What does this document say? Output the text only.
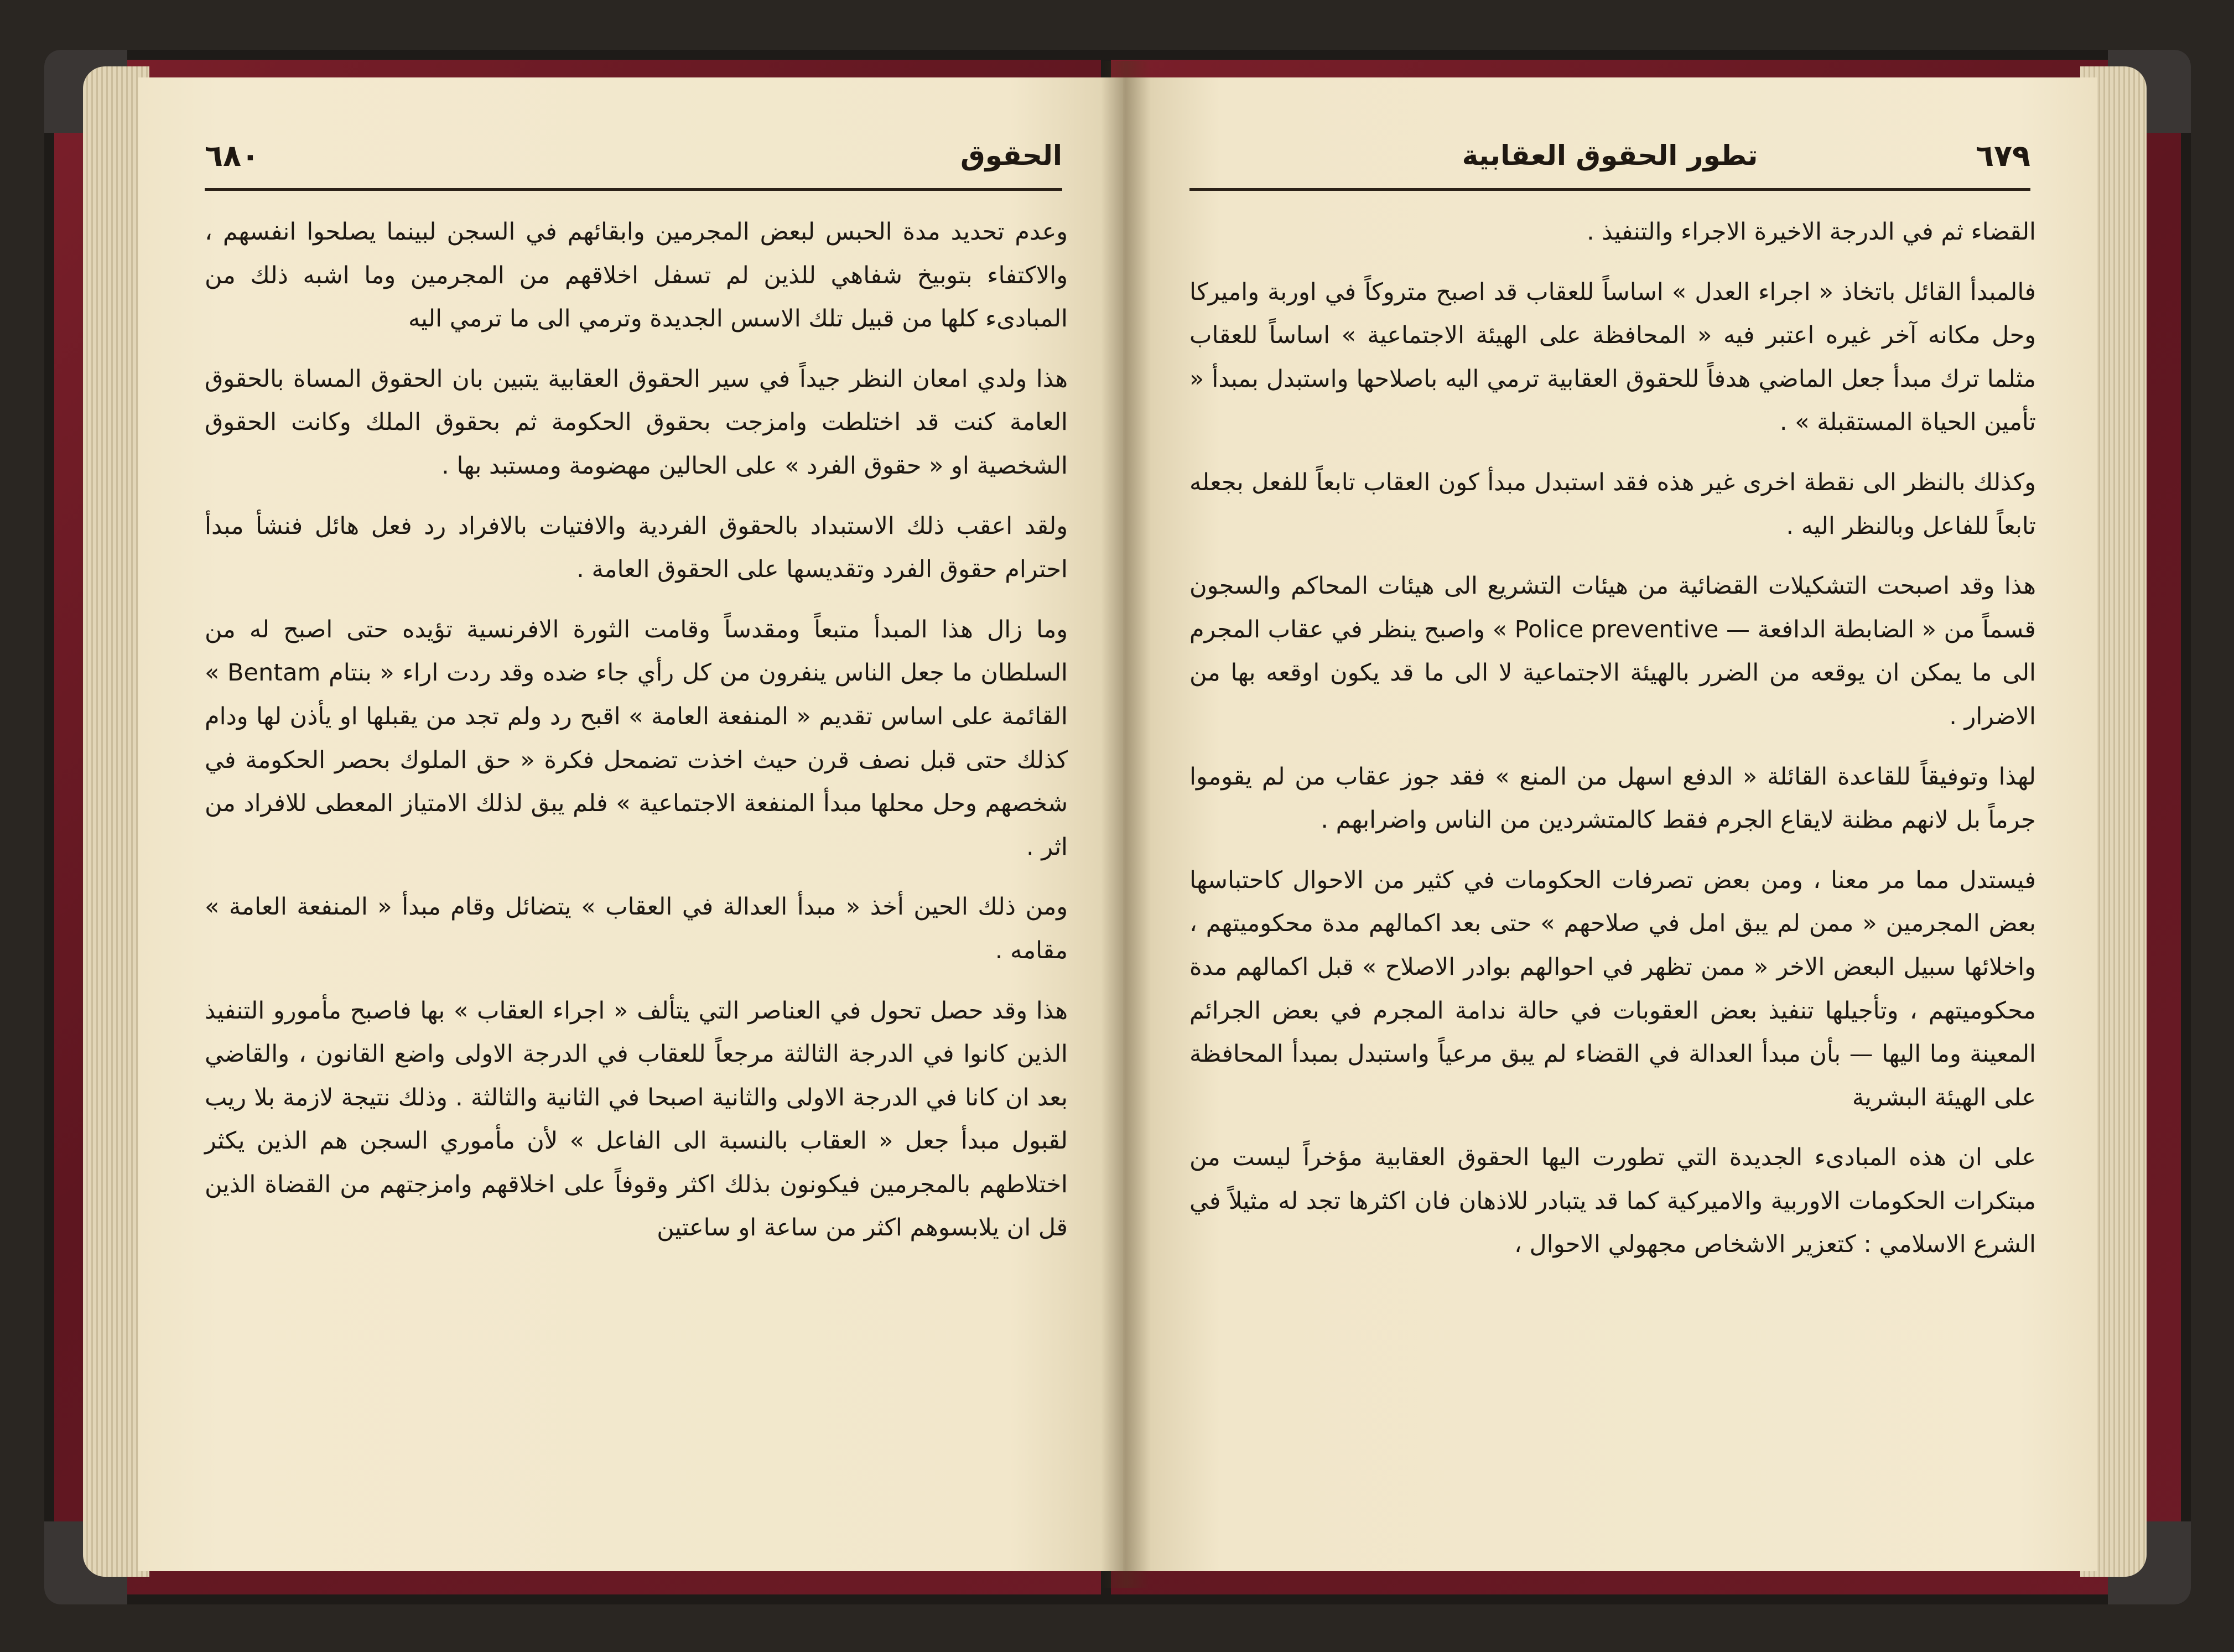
٦٨٠	الحقوق

وعدم تحديد مدة الحبس لبعض المجرمين وابقائهم في السجن لبينما يصلحوا انفسهم ، والاكتفاء بتوبيخ شفاهي للذين لم تسفل اخلاقهم من المجرمين وما اشبه ذلك من المبادىء كلها من قبيل تلك الاسس الجديدة وترمي الى ما ترمي اليه

هذا ولدي امعان النظر جيداً في سير الحقوق العقابية يتبين بان الحقوق المساة بالحقوق العامة كنت قد اختلطت وامزجت بحقوق الحكومة ثم بحقوق الملك وكانت الحقوق الشخصية او « حقوق الفرد » على الحالين مهضومة ومستبد بها .

ولقد اعقب ذلك الاستبداد بالحقوق الفردية والافتيات بالافراد رد فعل هائل فنشأ مبدأ احترام حقوق الفرد وتقديسها على الحقوق العامة .

وما زال هذا المبدأ متبعاً ومقدساً وقامت الثورة الافرنسية تؤيده حتى اصبح له من السلطان ما جعل الناس ينفرون من كل رأي جاء ضده وقد ردت اراء « بنتام Bentam » القائمة على اساس تقديم « المنفعة العامة » اقبح رد ولم تجد من يقبلها او يأذن لها ودام كذلك حتى قبل نصف قرن حيث اخذت تضمحل فكرة « حق الملوك بحصر الحكومة في شخصهم وحل محلها مبدأ المنفعة الاجتماعية » فلم يبق لذلك الامتياز المعطى للافراد من اثر .

ومن ذلك الحين أخذ « مبدأ العدالة في العقاب » يتضائل وقام مبدأ « المنفعة العامة » مقامه .

هذا وقد حصل تحول في العناصر التي يتألف « اجراء العقاب » بها فاصبح مأمورو التنفيذ الذين كانوا في الدرجة الثالثة مرجعاً للعقاب في الدرجة الاولى واضع القانون ، والقاضي بعد ان كانا في الدرجة الاولى والثانية اصبحا في الثانية والثالثة . وذلك نتيجة لازمة بلا ريب لقبول مبدأ جعل « العقاب بالنسبة الى الفاعل » لأن مأموري السجن هم الذين يكثر اختلاطهم بالمجرمين فيكونون بذلك اكثر وقوفاً على اخلاقهم وامزجتهم من القضاة الذين قل ان يلابسوهم اكثر من ساعة او ساعتين

تطور الحقوق العقابية	٦٧٩

القضاء ثم في الدرجة الاخيرة الاجراء والتنفيذ .

فالمبدأ القائل باتخاذ « اجراء العدل » اساساً للعقاب قد اصبح متروكاً في اوربة واميركا وحل مكانه آخر غيره اعتبر فيه « المحافظة على الهيئة الاجتماعية » اساساً للعقاب مثلما ترك مبدأ جعل الماضي هدفاً للحقوق العقابية ترمي اليه باصلاحها واستبدل بمبدأ « تأمين الحياة المستقبلة » .

وكذلك بالنظر الى نقطة اخرى غير هذه فقد استبدل مبدأ كون العقاب تابعاً للفعل بجعله تابعاً للفاعل وبالنظر اليه .

هذا وقد اصبحت التشكيلات القضائية من هيئات التشريع الى هيئات المحاكم والسجون قسماً من « الضابطة الدافعة — Police preventive » واصبح ينظر في عقاب المجرم الى ما يمكن ان يوقعه من الضرر بالهيئة الاجتماعية لا الى ما قد يكون اوقعه بها من الاضرار .

لهذا وتوفيقاً للقاعدة القائلة « الدفع اسهل من المنع » فقد جوز عقاب من لم يقوموا جرماً بل لانهم مظنة لايقاع الجرم فقط كالمتشردين من الناس واضرابهم .

فيستدل مما مر معنا ، ومن بعض تصرفات الحكومات في كثير من الاحوال كاحتباسها بعض المجرمين « ممن لم يبق امل في صلاحهم » حتى بعد اكمالهم مدة محكوميتهم ، واخلائها سبيل البعض الاخر « ممن تظهر في احوالهم بوادر الاصلاح » قبل اكمالهم مدة محكوميتهم ، وتأجيلها تنفيذ بعض العقوبات في حالة ندامة المجرم في بعض الجرائم المعينة وما اليها — بأن مبدأ العدالة في القضاء لم يبق مرعياً واستبدل بمبدأ المحافظة على الهيئة البشرية

على ان هذه المبادىء الجديدة التي تطورت اليها الحقوق العقابية مؤخراً ليست من مبتكرات الحكومات الاوربية والاميركية كما قد يتبادر للاذهان فان اكثرها تجد له مثيلاً في الشرع الاسلامي : كتعزير الاشخاص مجهولي الاحوال ،
